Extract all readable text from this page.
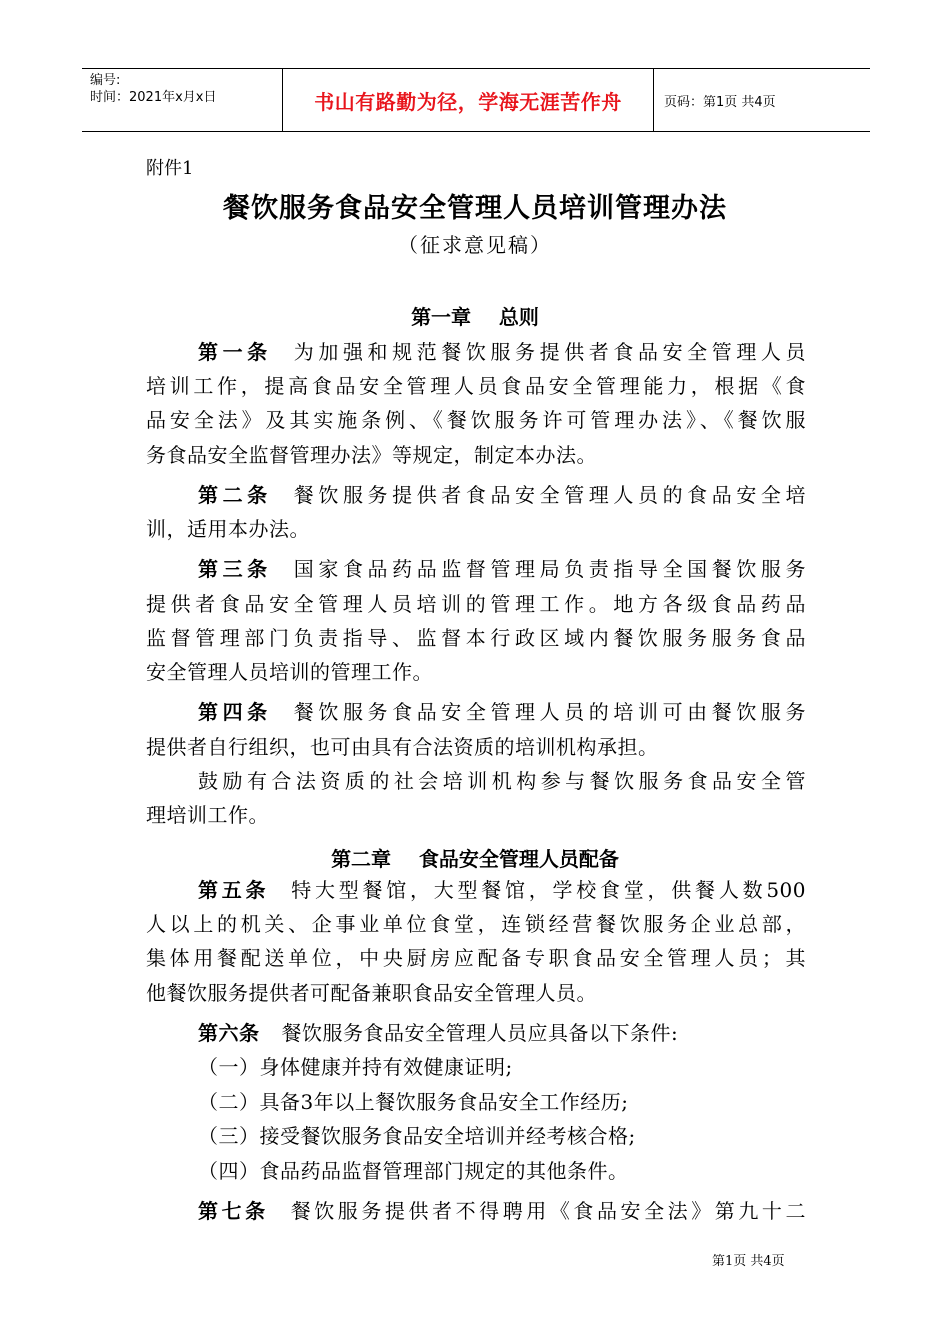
编号:
时间：2021年x月x日	书山有路勤为径，学海无涯苦作舟	页码：第1页 共4页
附件1
餐饮服务食品安全管理人员培训管理办法
（征求意见稿）
第一章    总则
第一条 为加强和规范餐饮服务提供者食品安全管理人员
培训工作，提高食品安全管理人员食品安全管理能力，根据《食
品安全法》及其实施条例、《餐饮服务许可管理办法》、《餐饮服
务食品安全监督管理办法》等规定，制定本办法。
第二条 餐饮服务提供者食品安全管理人员的食品安全培
训，适用本办法。
第三条 国家食品药品监督管理局负责指导全国餐饮服务
提供者食品安全管理人员培训的管理工作。地方各级食品药品
监督管理部门负责指导、监督本行政区域内餐饮服务服务食品
安全管理人员培训的管理工作。
第四条 餐饮服务食品安全管理人员的培训可由餐饮服务
提供者自行组织，也可由具有合法资质的培训机构承担。
鼓励有合法资质的社会培训机构参与餐饮服务食品安全管
理培训工作。
第二章    食品安全管理人员配备
第五条 特大型餐馆，大型餐馆，学校食堂，供餐人数500
人以上的机关、企事业单位食堂，连锁经营餐饮服务企业总部，
集体用餐配送单位，中央厨房应配备专职食品安全管理人员；其
他餐饮服务提供者可配备兼职食品安全管理人员。
第六条 餐饮服务食品安全管理人员应具备以下条件:
（一）身体健康并持有效健康证明;
（二）具备3年以上餐饮服务食品安全工作经历;
（三）接受餐饮服务食品安全培训并经考核合格;
（四）食品药品监督管理部门规定的其他条件。
第七条 餐饮服务提供者不得聘用《食品安全法》第九十二
第1页 共4页
